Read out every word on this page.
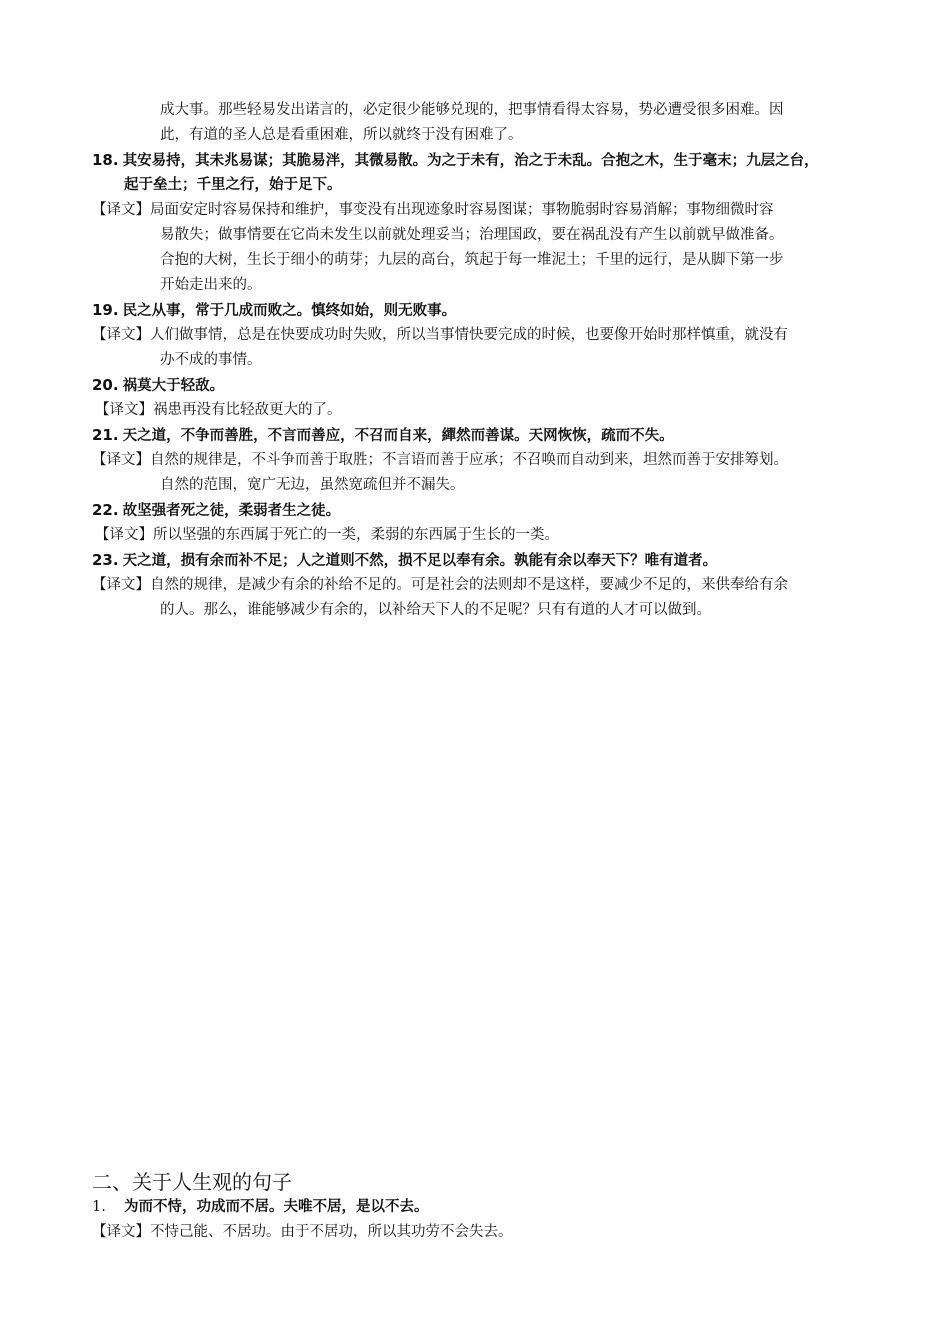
成大事。那些轻易发出诺言的，必定很少能够兑现的，把事情看得太容易，势必遭受很多困难。因
此，有道的圣人总是看重困难，所以就终于没有困难了。
18. 其安易持，其未兆易谋；其脆易泮，其微易散。为之于未有，治之于未乱。合抱之木，生于毫末；九层之台，
起于垒土；千里之行，始于足下。
【译文】局面安定时容易保持和维护，事变没有出现迹象时容易图谋；事物脆弱时容易消解；事物细微时容
易散失；做事情要在它尚未发生以前就处理妥当；治理国政，要在祸乱没有产生以前就早做准备。
合抱的大树，生长于细小的萌芽；九层的高台，筑起于每一堆泥土；千里的远行，是从脚下第一步
开始走出来的。
19. 民之从事，常于几成而败之。慎终如始，则无败事。
【译文】人们做事情，总是在快要成功时失败，所以当事情快要完成的时候，也要像开始时那样慎重，就没有
办不成的事情。
20. 祸莫大于轻敌。
【译文】祸患再没有比轻敌更大的了。
21. 天之道，不争而善胜，不言而善应，不召而自来，繟然而善谋。天网恢恢，疏而不失。
【译文】自然的规律是，不斗争而善于取胜；不言语而善于应承；不召唤而自动到来，坦然而善于安排筹划。
自然的范围，宽广无边，虽然宽疏但并不漏失。
22. 故坚强者死之徒，柔弱者生之徒。
【译文】所以坚强的东西属于死亡的一类，柔弱的东西属于生长的一类。
23. 天之道，损有余而补不足；人之道则不然，损不足以奉有余。孰能有余以奉天下？唯有道者。
【译文】自然的规律，是减少有余的补给不足的。可是社会的法则却不是这样，要减少不足的，来供奉给有余
的人。那么，谁能够减少有余的，以补给天下人的不足呢？只有有道的人才可以做到。
二、关于人生观的句子
1. 为而不恃，功成而不居。夫唯不居，是以不去。
【译文】不恃己能、不居功。由于不居功，所以其功劳不会失去。
